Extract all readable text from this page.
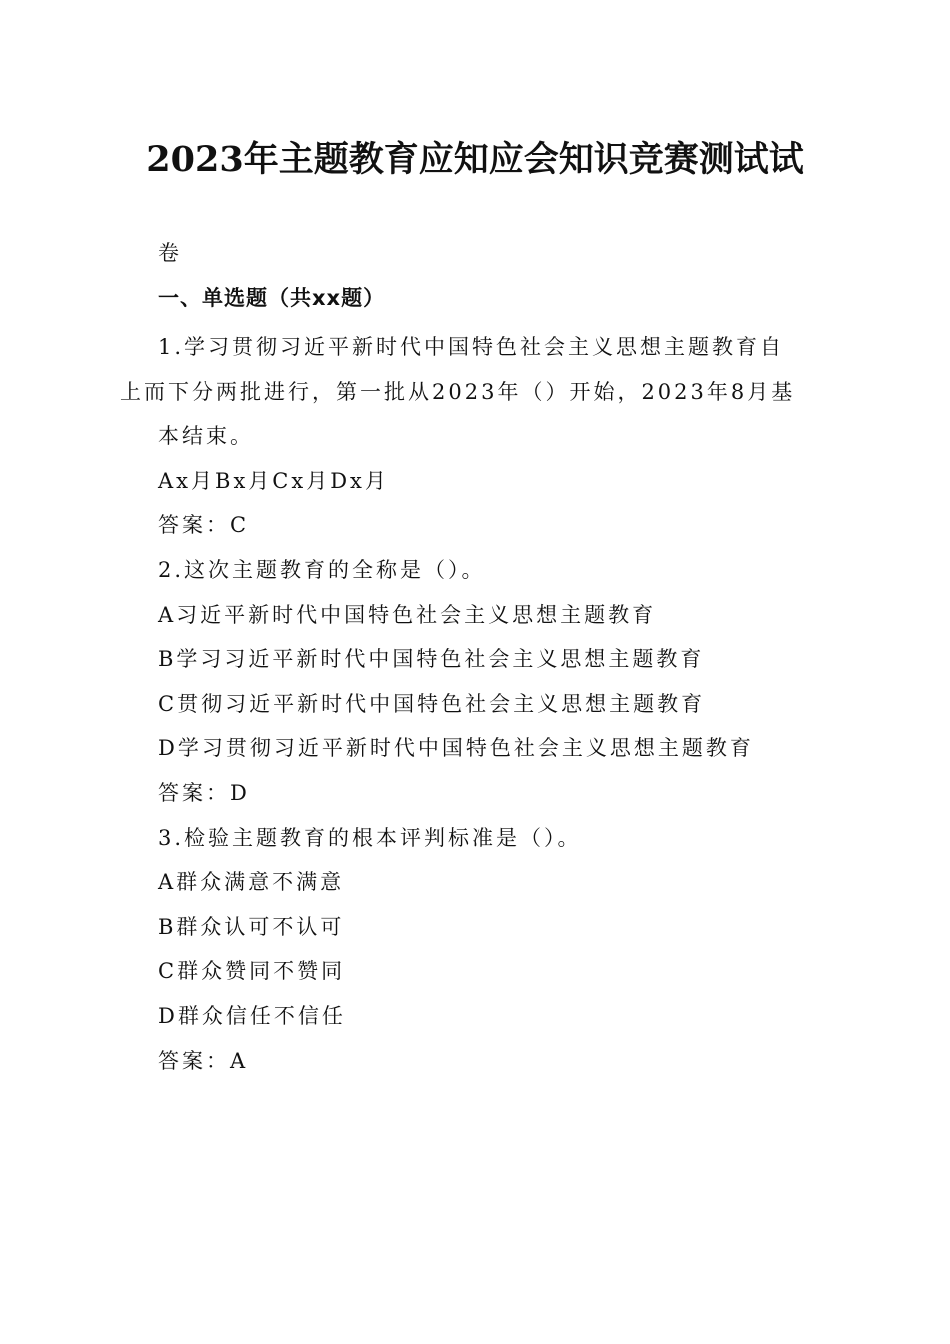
2023年主题教育应知应会知识竞赛测试试
卷
一、单选题（共xx题）
1.学习贯彻习近平新时代中国特色社会主义思想主题教育自
上而下分两批进行，第一批从2023年（）开始，2023年8月基
本结束。
Ax月Bx月Cx月Dx月
答案：C
2.这次主题教育的全称是（）。
A习近平新时代中国特色社会主义思想主题教育
B学习习近平新时代中国特色社会主义思想主题教育
C贯彻习近平新时代中国特色社会主义思想主题教育
D学习贯彻习近平新时代中国特色社会主义思想主题教育
答案：D
3.检验主题教育的根本评判标准是（）。
A群众满意不满意
B群众认可不认可
C群众赞同不赞同
D群众信任不信任
答案：A
